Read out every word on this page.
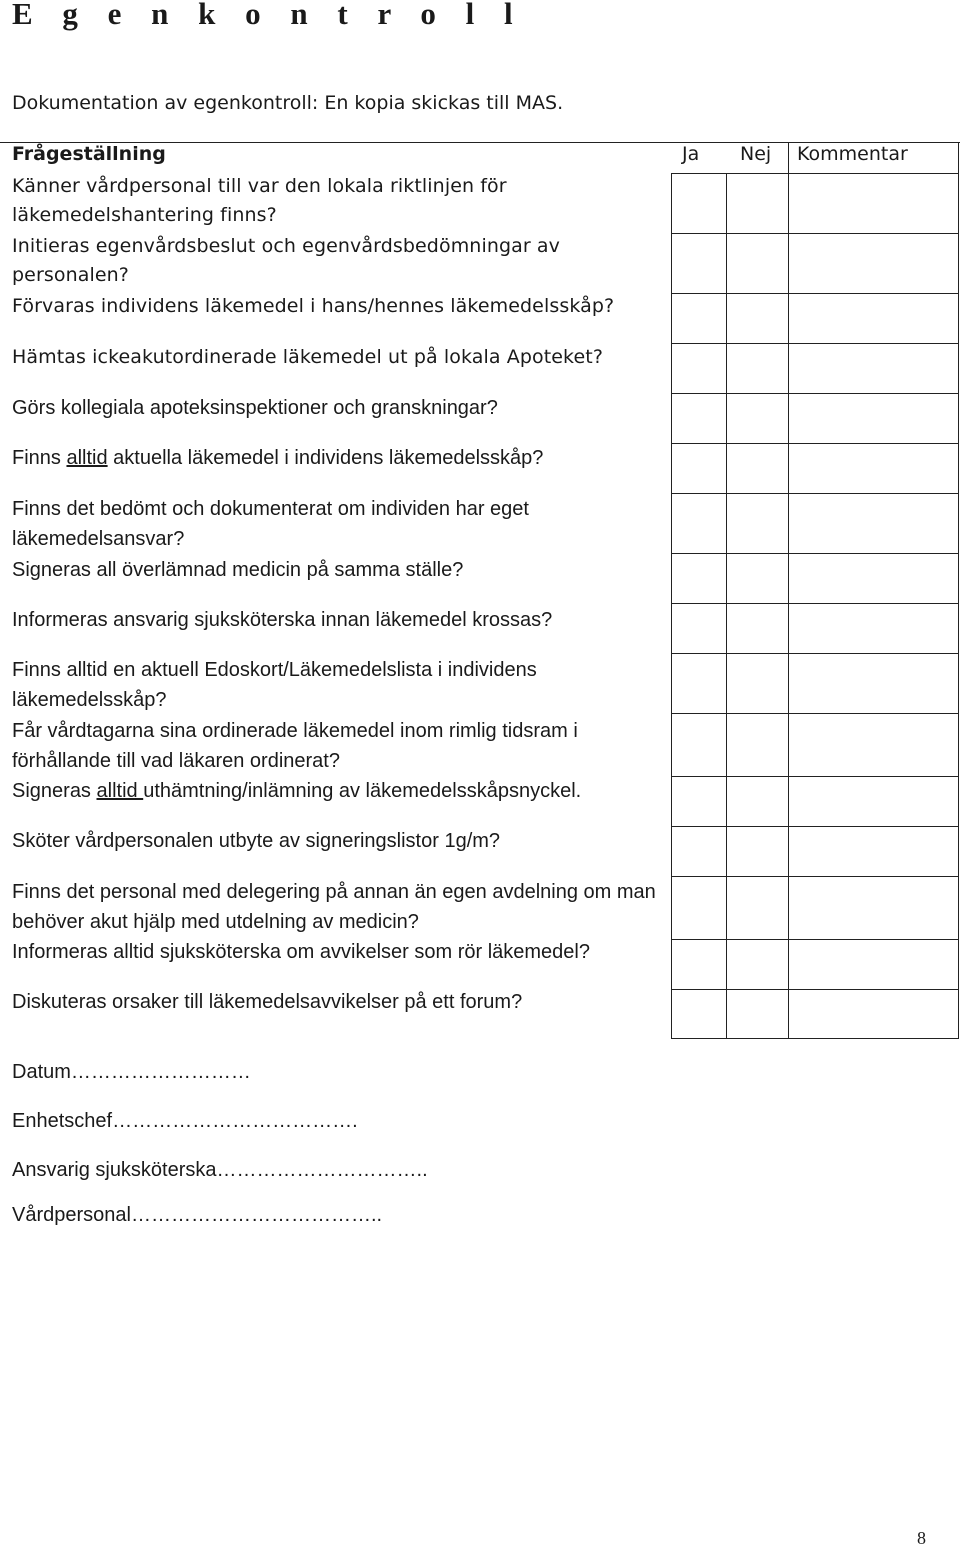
E g e n k o n t r o l l
Dokumentation av egenkontroll: En kopia skickas till MAS.
Frågeställning	Ja Nej Kommentar
Känner vårdpersonal till var den lokala riktlinjen för läkemedelshantering finns?
Initieras egenvårdsbeslut och egenvårdsbedömningar av personalen?
Förvaras individens läkemedel i hans/hennes läkemedelsskåp?
Hämtas ickeakutordinerade läkemedel ut på lokala Apoteket?
Görs kollegiala apoteksinspektioner och granskningar?
Finns alltid aktuella läkemedel i individens läkemedelsskåp?
Finns det bedömt och dokumenterat om individen har eget läkemedelsansvar?
Signeras all överlämnad medicin på samma ställe?
Informeras ansvarig sjuksköterska innan läkemedel krossas?
Finns alltid en aktuell Edoskort/Läkemedelslista i individens läkemedelsskåp?
Får vårdtagarna sina ordinerade läkemedel inom rimlig tidsram i förhållande till vad läkaren ordinerat?
Signeras alltid uthämtning/inlämning av läkemedelsskåpsnyckel.
Sköter vårdpersonalen utbyte av signeringslistor 1g/m?
Finns det personal med delegering på annan än egen avdelning om man behöver akut hjälp med utdelning av medicin?
Informeras alltid sjuksköterska om avvikelser som rör läkemedel?
Diskuteras orsaker till läkemedelsavvikelser på ett forum?
Datum………………………
Enhetschef……………………………….
Ansvarig sjuksköterska…………………………..
Vårdpersonal………………………………..
8
